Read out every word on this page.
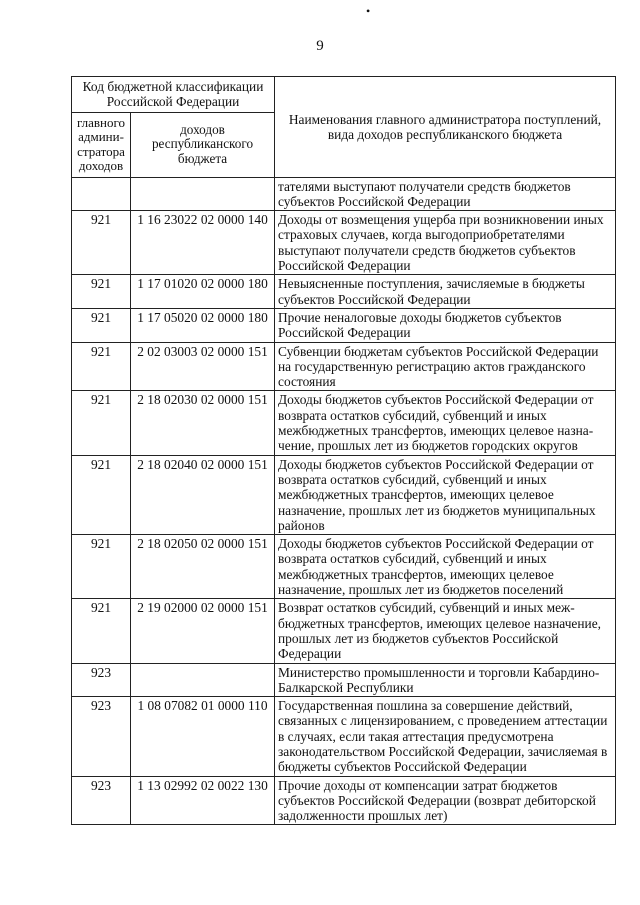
•
9
Код бюджетной классификации Российской Федерации		Наименования главного администратора поступлений, вида доходов республиканского бюджета
главного администратора доходов	доходов республиканского бюджета	
		тателями выступают получатели средств бюджетов субъектов Российской Федерации
921	1 16 23022 02 0000 140	Доходы от возмещения ущерба при возникновении иных страховых случаев, когда выгодоприобретателями выступают получатели средств бюджетов субъектов Российской Федерации
921	1 17 01020 02 0000 180	Невыясненные поступления, зачисляемые в бюджеты субъектов Российской Федерации
921	1 17 05020 02 0000 180	Прочие неналоговые доходы бюджетов субъектов Российской Федерации
921	2 02 03003 02 0000 151	Субвенции бюджетам субъектов Российской Федерации на государственную регистрацию актов гражданского состояния
921	2 18 02030 02 0000 151	Доходы бюджетов субъектов Российской Федерации от возврата остатков субсидий, субвенций и иных межбюджетных трансфертов, имеющих целевое назначение, прошлых лет из бюджетов городских округов
921	2 18 02040 02 0000 151	Доходы бюджетов субъектов Российской Федерации от возврата остатков субсидий, субвенций и иных межбюджетных трансфертов, имеющих целевое назначение, прошлых лет из бюджетов муниципальных районов
921	2 18 02050 02 0000 151	Доходы бюджетов субъектов Российской Федерации от возврата остатков субсидий, субвенций и иных межбюджетных трансфертов, имеющих целевое назначение, прошлых лет из бюджетов поселений
921	2 19 02000 02 0000 151	Возврат остатков субсидий, субвенций и иных межбюджетных трансфертов, имеющих целевое назначение, прошлых лет из бюджетов субъектов Российской Федерации
923		Министерство промышленности и торговли Кабардино-Балкарской Республики
923	1 08 07082 01 0000 110	Государственная пошлина за совершение действий, связанных с лицензированием, с проведением аттестации в случаях, если такая аттестация предусмотрена законодательством Российской Федерации, зачисляемая в бюджеты субъектов Российской Федерации
923	1 13 02992 02 0022 130	Прочие доходы от компенсации затрат бюджетов субъектов Российской Федерации (возврат дебиторской задолженности прошлых лет)
